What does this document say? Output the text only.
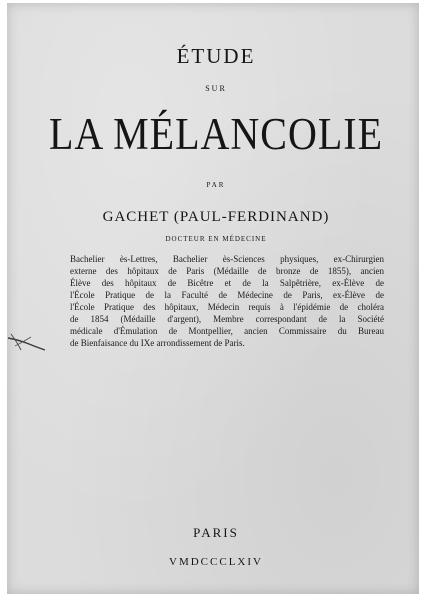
ÉTUDE
SUR
LA MÉLANCOLIE
PAR
GACHET (PAUL-FERDINAND)
DOCTEUR EN MÉDECINE
Bachelier ès-Lettres, Bachelier ès-Sciences physiques, ex-Chirurgien
externe des hôpitaux de Paris (Médaille de bronze de 1855), ancien
Élève des hôpitaux de Bicêtre et de la Salpêtrière, ex-Élève de
l'École Pratique de la Faculté de Médecine de Paris, ex-Élève de
l'École Pratique des hôpitaux, Médecin requis à l'épidémie de choléra
de 1854 (Médaille d'argent), Membre correspondant de la Société
médicale d'Émulation de Montpellier, ancien Commissaire du Bureau
de Bienfaisance du IXe arrondissement de Paris.
PARIS
VMDCCCLXIV
